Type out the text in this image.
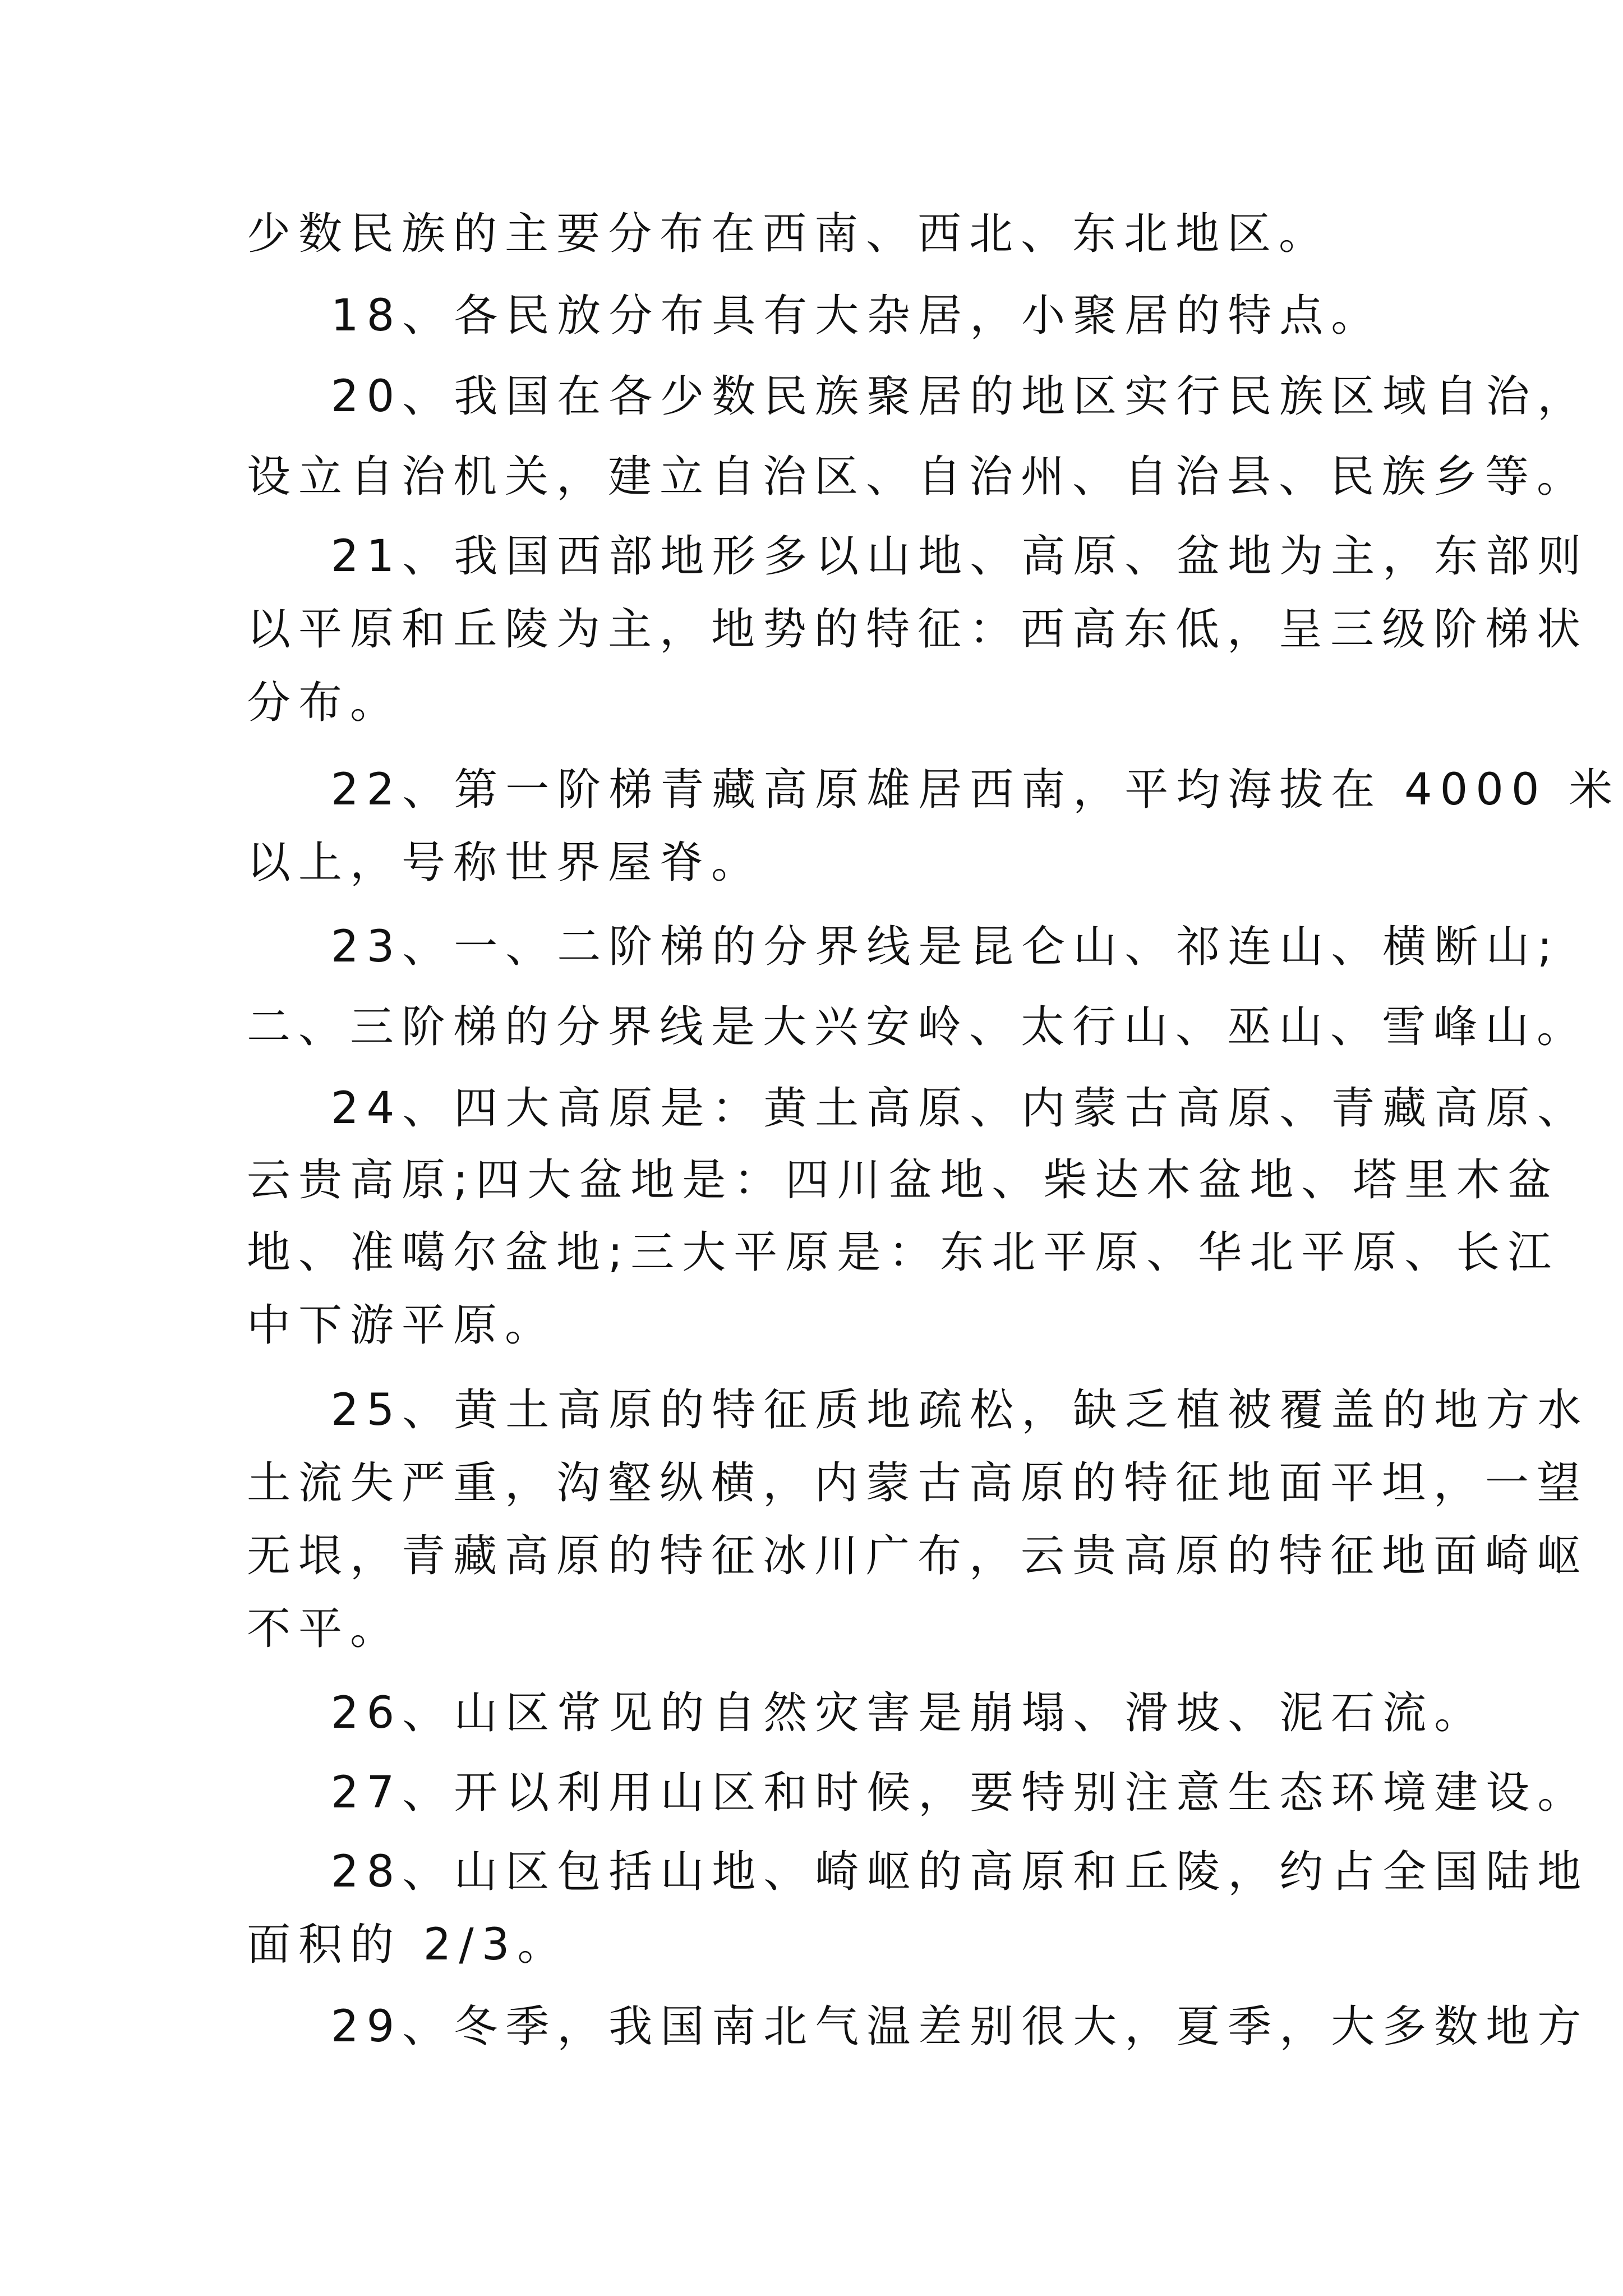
少数民族的主要分布在西南、西北、东北地区。
18、各民放分布具有大杂居，小聚居的特点。
20、我国在各少数民族聚居的地区实行民族区域自治，
设立自治机关，建立自治区、自治州、自治县、民族乡等。
21、我国西部地形多以山地、高原、盆地为主，东部则
以平原和丘陵为主，地势的特征：西高东低，呈三级阶梯状
分布。
22、第一阶梯青藏高原雄居西南，平均海拔在 4000 米
以上，号称世界屋脊。
23、一、二阶梯的分界线是昆仑山、祁连山、横断山;
二、三阶梯的分界线是大兴安岭、太行山、巫山、雪峰山。
24、四大高原是：黄土高原、内蒙古高原、青藏高原、
云贵高原;四大盆地是：四川盆地、柴达木盆地、塔里木盆
地、准噶尔盆地;三大平原是：东北平原、华北平原、长江
中下游平原。
25、黄土高原的特征质地疏松，缺乏植被覆盖的地方水
土流失严重，沟壑纵横，内蒙古高原的特征地面平坦，一望
无垠，青藏高原的特征冰川广布，云贵高原的特征地面崎岖
不平。
26、山区常见的自然灾害是崩塌、滑坡、泥石流。
27、开以利用山区和时候，要特别注意生态环境建设。
28、山区包括山地、崎岖的高原和丘陵，约占全国陆地
面积的 2/3。
29、冬季，我国南北气温差别很大，夏季，大多数地方
